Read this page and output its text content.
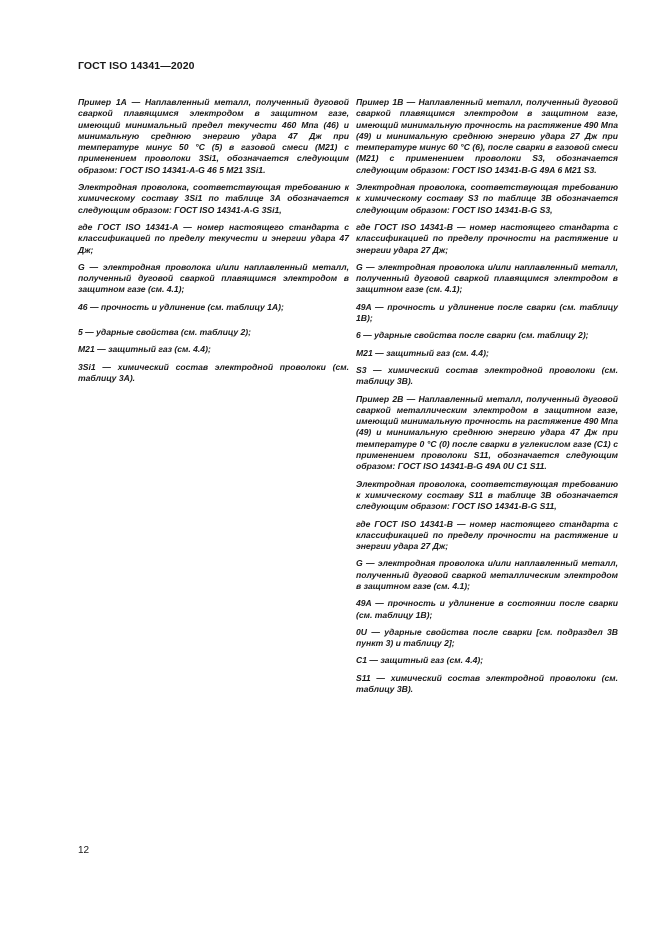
ГОСТ ISO 14341—2020

Пример 1А — Наплавленный металл, полученный дуговой сваркой плавящимся электродом в защитном газе, имеющий минимальный предел текучести 460 Мпа (46) и минимальную среднюю энергию удара 47 Дж при температуре минус 50 °С (5) в газовой смеси (М21) с применением проволоки 3Si1, обозначается следующим образом: ГОСТ ISO 14341-A-G 46 5 M21 3Si1.

Электродная проволока, соответствующая требованию к химическому составу 3Si1 по таблице 3А обозначается следующим образом: ГОСТ ISO 14341-A-G 3Si1,

где ГОСТ ISO 14341-A — номер настоящего стандарта с классификацией по пределу текучести и энергии удара 47 Дж;

G — электродная проволока и/или наплавленный металл, полученный дуговой сваркой плавящимся электродом в защитном газе (см. 4.1);

46 — прочность и удлинение (см. таблицу 1А);

5 — ударные свойства (см. таблицу 2);

M21 — защитный газ (см. 4.4);

3Si1 — химический состав электродной проволоки (см. таблицу 3А).

Пример 1В — Наплавленный металл, полученный дуговой сваркой плавящимся электродом в защитном газе, имеющий минимальную прочность на растяжение 490 Мпа (49) и минимальную среднюю энергию удара 27 Дж при температуре минус 60 °С (6), после сварки в газовой смеси (М21) с применением проволоки S3, обозначается следующим образом: ГОСТ ISO 14341-B-G 49A 6 M21 S3.

Электродная проволока, соответствующая требованию к химическому составу S3 по таблице 3В обозначается следующим образом: ГОСТ ISO 14341-B-G S3,

где ГОСТ ISO 14341-В — номер настоящего стандарта с классификацией по пределу прочности на растяжение и энергии удара 27 Дж;

G — электродная проволока и/или наплавленный металл, полученный дуговой сваркой плавящимся электродом в защитном газе (см. 4.1);

49A — прочность и удлинение после сварки (см. таблицу 1В);

6 — ударные свойства после сварки (см. таблицу 2);

M21 — защитный газ (см. 4.4);

S3 — химический состав электродной проволоки (см. таблицу 3В).

Пример 2В — Наплавленный металл, полученный дуговой сваркой металлическим электродом в защитном газе, имеющий минимальную прочность на растяжение 490 Мпа (49) и минимальную среднюю энергию удара 47 Дж при температуре 0 °С (0) после сварки в углекислом газе (С1) с применением проволоки S11, обозначается следующим образом: ГОСТ ISO 14341-B-G 49A 0U C1 S11.

Электродная проволока, соответствующая требованию к химическому составу S11 в таблице 3В обозначается следующим образом: ГОСТ ISO 14341-B-G S11,

где ГОСТ ISO 14341-В — номер настоящего стандарта с классификацией по пределу прочности на растяжение и энергии удара 27 Дж;

G — электродная проволока и/или наплавленный металл, полученный дуговой сваркой металлическим электродом в защитном газе (см. 4.1);

49A — прочность и удлинение в состоянии после сварки (см. таблицу 1В);

0U — ударные свойства после сварки [см. подраздел 3В пункт 3) и таблицу 2];

C1 — защитный газ (см. 4.4);

S11 — химический состав электродной проволоки (см. таблицу 3В).

12
